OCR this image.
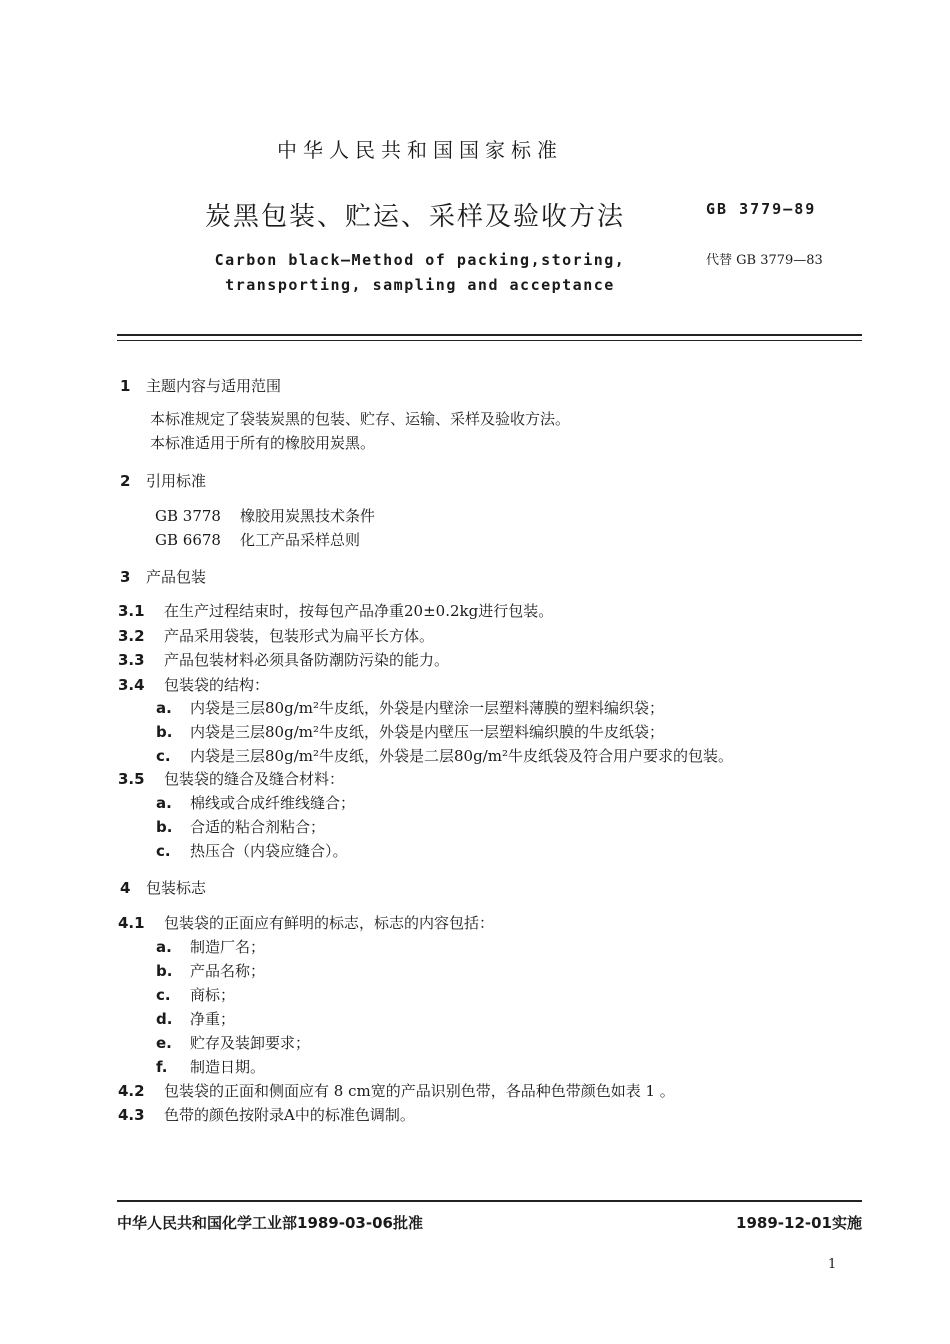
中华人民共和国国家标准
炭黑包装、贮运、采样及验收方法	GB 3779—89
代替 GB 3779—83
Carbon black—Method of packing,storing,
transporting, sampling and acceptance
1 主题内容与适用范围
本标准规定了袋装炭黑的包装、贮存、运输、采样及验收方法。
本标准适用于所有的橡胶用炭黑。
2 引用标准
GB 3778 橡胶用炭黑技术条件
GB 6678 化工产品采样总则
3 产品包装
3.1 在生产过程结束时，按每包产品净重20±0.2kg进行包装。
3.2 产品采用袋装，包装形式为扁平长方体。
3.3 产品包装材料必须具备防潮防污染的能力。
3.4 包装袋的结构：
a. 内袋是三层80g/m²牛皮纸，外袋是内壁涂一层塑料薄膜的塑料编织袋；
b. 内袋是三层80g/m²牛皮纸，外袋是内壁压一层塑料编织膜的牛皮纸袋；
c. 内袋是三层80g/m²牛皮纸，外袋是二层80g/m²牛皮纸袋及符合用户要求的包装。
3.5 包装袋的缝合及缝合材料：
a. 棉线或合成纤维线缝合；
b. 合适的粘合剂粘合；
c. 热压合（内袋应缝合）。
4 包装标志
4.1 包装袋的正面应有鲜明的标志，标志的内容包括：
a. 制造厂名；
b. 产品名称；
c. 商标；
d. 净重；
e. 贮存及装卸要求；
f. 制造日期。
4.2 包装袋的正面和侧面应有 8 cm宽的产品识别色带，各品种色带颜色如表 1 。
4.3 色带的颜色按附录A中的标准色调制。
中华人民共和国化学工业部1989-03-06批准	1989-12-01实施
1
